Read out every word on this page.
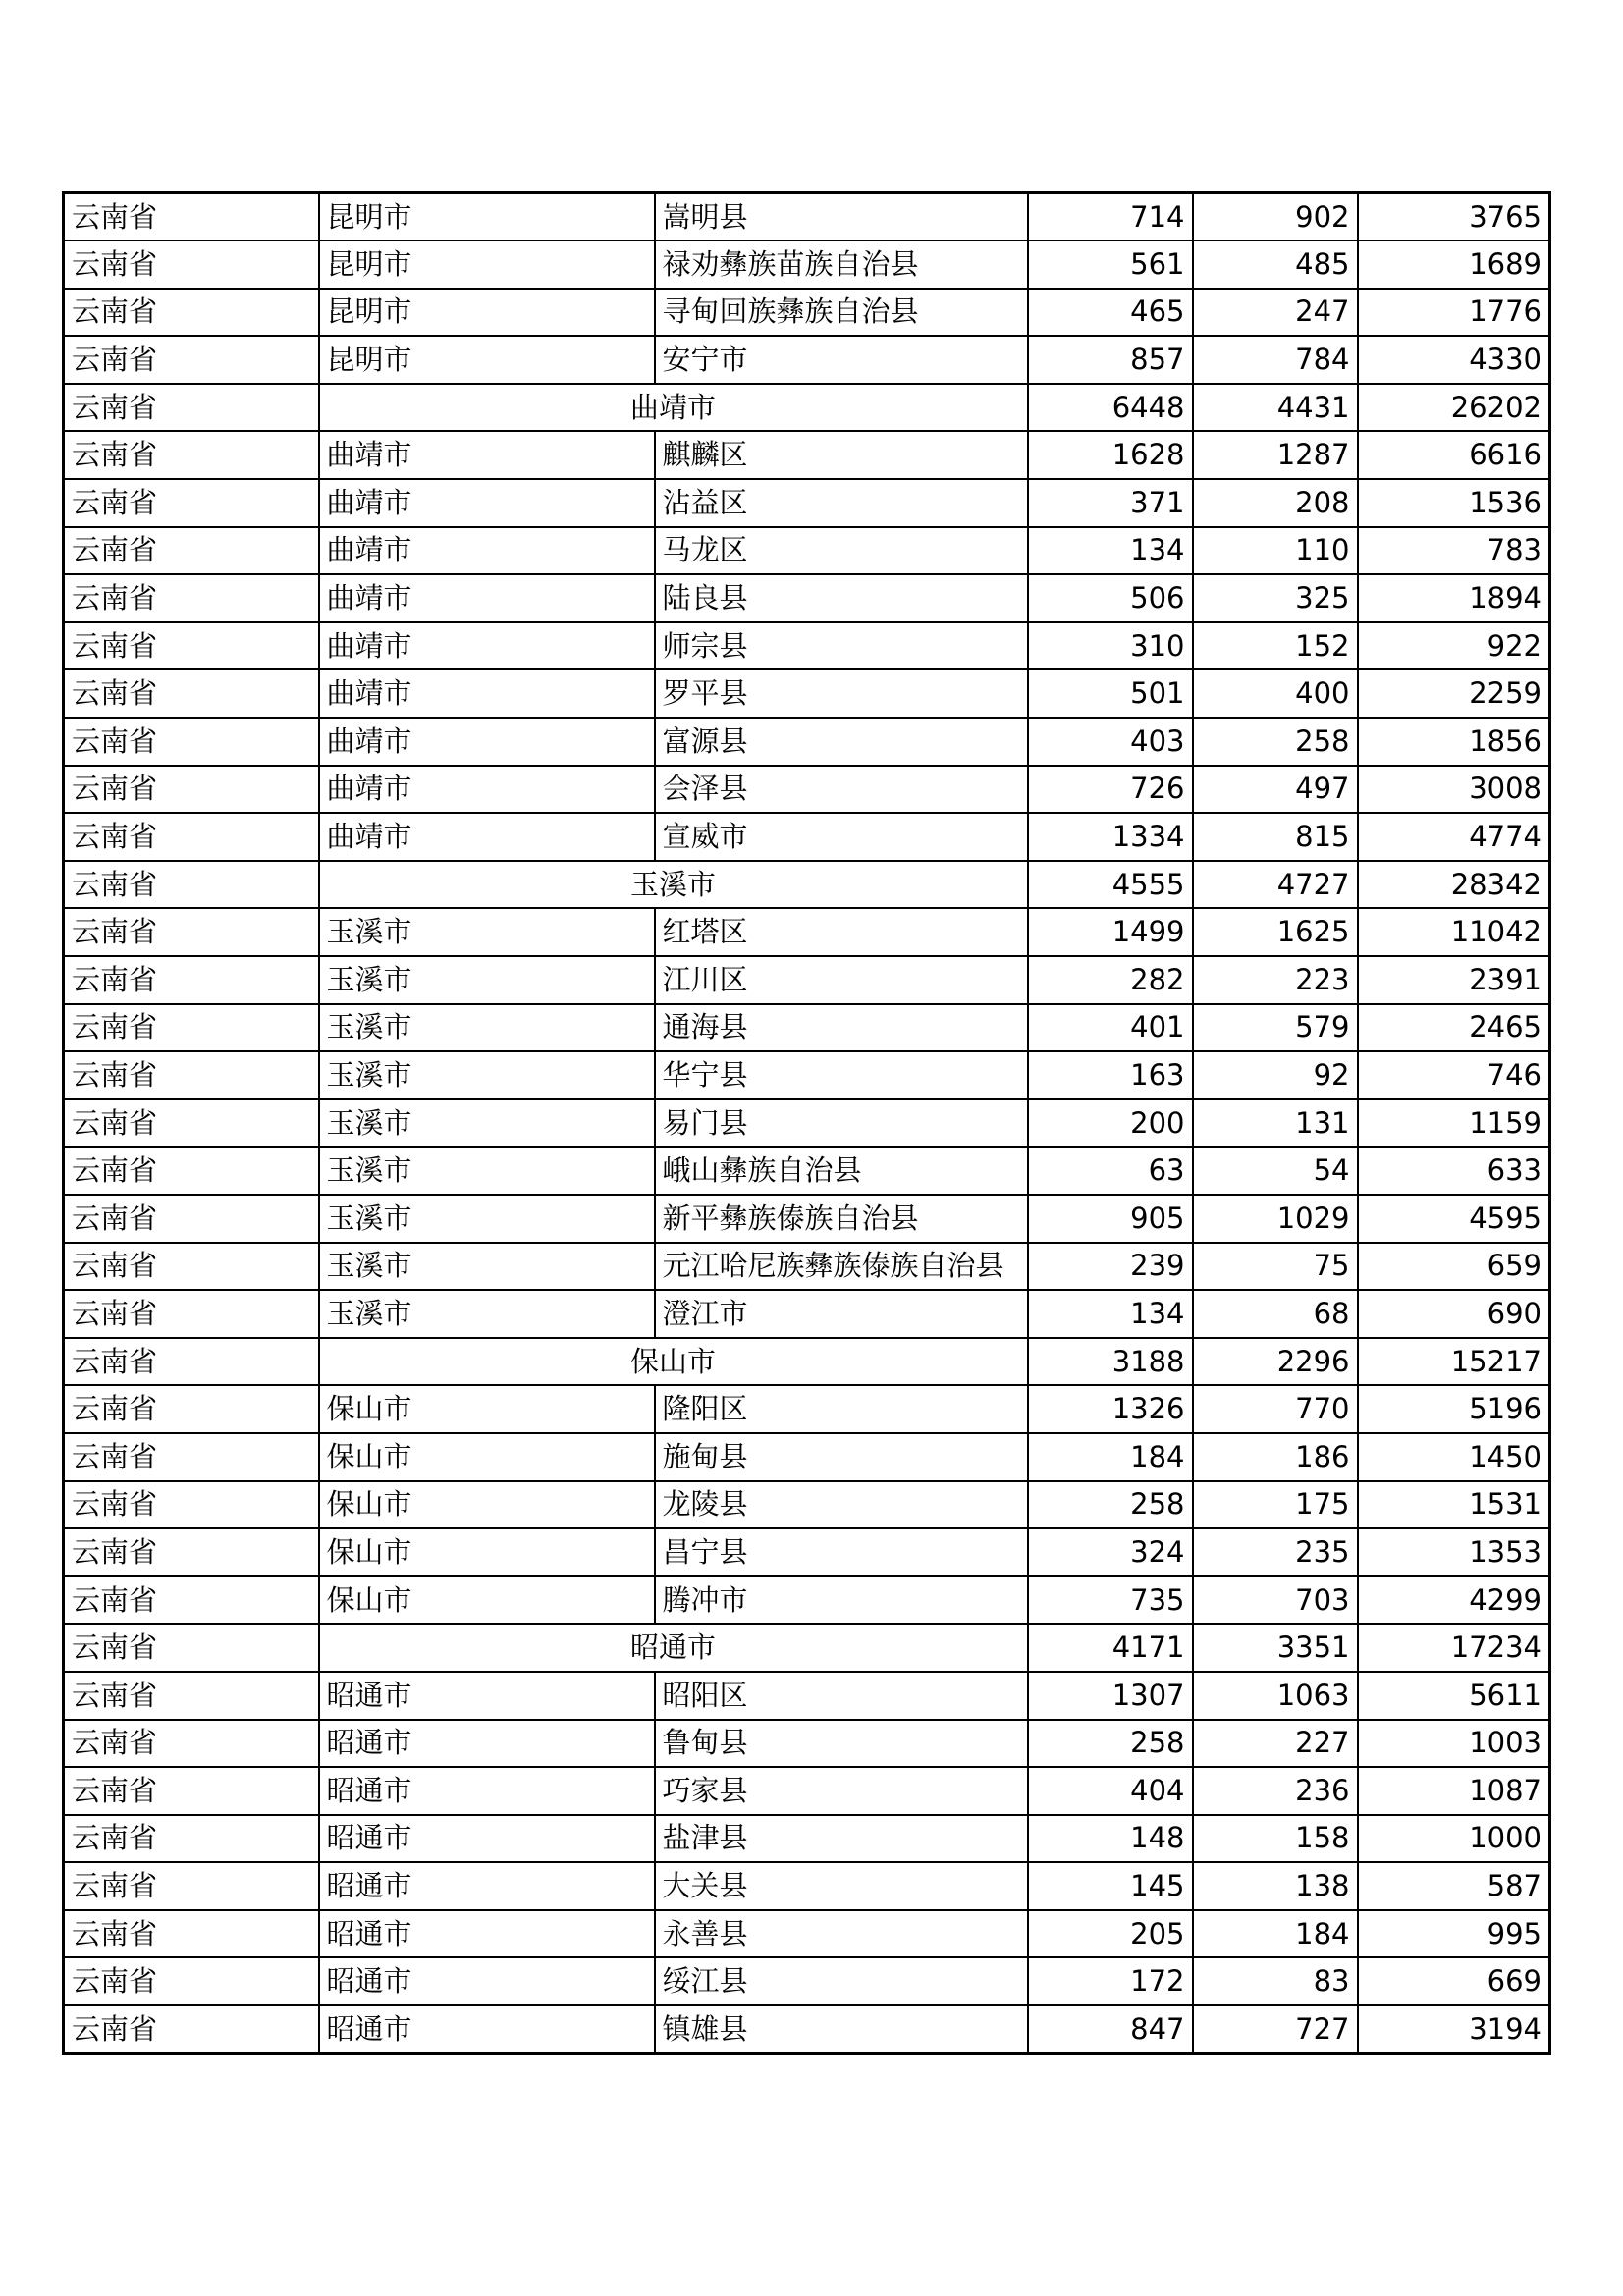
云南省	昆明市	嵩明县	714	902	3765
云南省	昆明市	禄劝彝族苗族自治县	561	485	1689
云南省	昆明市	寻甸回族彝族自治县	465	247	1776
云南省	昆明市	安宁市	857	784	4330
云南省	曲靖市		6448	4431	26202
云南省	曲靖市	麒麟区	1628	1287	6616
云南省	曲靖市	沾益区	371	208	1536
云南省	曲靖市	马龙区	134	110	783
云南省	曲靖市	陆良县	506	325	1894
云南省	曲靖市	师宗县	310	152	922
云南省	曲靖市	罗平县	501	400	2259
云南省	曲靖市	富源县	403	258	1856
云南省	曲靖市	会泽县	726	497	3008
云南省	曲靖市	宣威市	1334	815	4774
云南省	玉溪市		4555	4727	28342
云南省	玉溪市	红塔区	1499	1625	11042
云南省	玉溪市	江川区	282	223	2391
云南省	玉溪市	通海县	401	579	2465
云南省	玉溪市	华宁县	163	92	746
云南省	玉溪市	易门县	200	131	1159
云南省	玉溪市	峨山彝族自治县	63	54	633
云南省	玉溪市	新平彝族傣族自治县	905	1029	4595
云南省	玉溪市	元江哈尼族彝族傣族自治县	239	75	659
云南省	玉溪市	澄江市	134	68	690
云南省	保山市		3188	2296	15217
云南省	保山市	隆阳区	1326	770	5196
云南省	保山市	施甸县	184	186	1450
云南省	保山市	龙陵县	258	175	1531
云南省	保山市	昌宁县	324	235	1353
云南省	保山市	腾冲市	735	703	4299
云南省	昭通市		4171	3351	17234
云南省	昭通市	昭阳区	1307	1063	5611
云南省	昭通市	鲁甸县	258	227	1003
云南省	昭通市	巧家县	404	236	1087
云南省	昭通市	盐津县	148	158	1000
云南省	昭通市	大关县	145	138	587
云南省	昭通市	永善县	205	184	995
云南省	昭通市	绥江县	172	83	669
云南省	昭通市	镇雄县	847	727	3194
